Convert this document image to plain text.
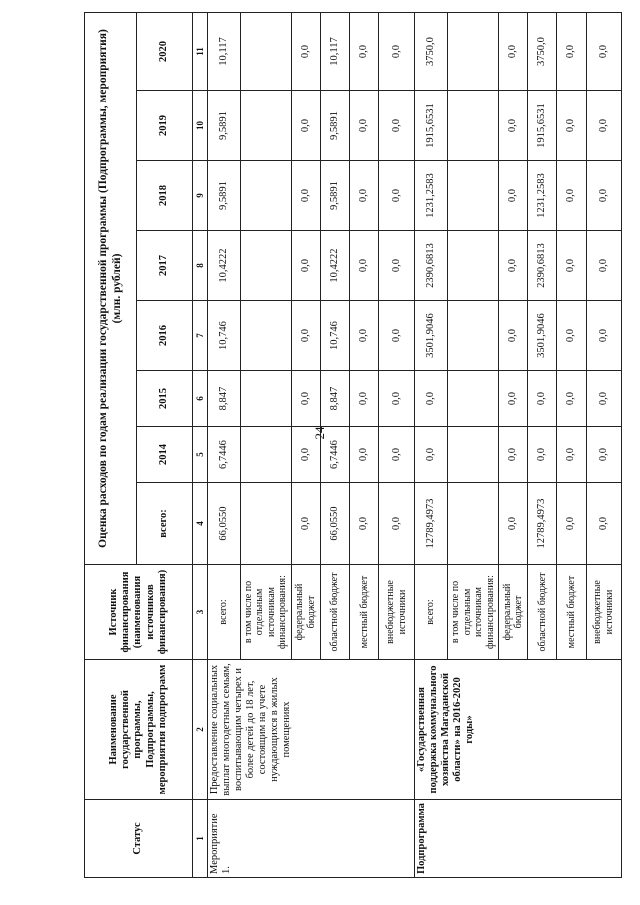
24
Статус	Наименование государственной программы, Подпрограммы, мероприятия подпрограмм	Источник финансирования (наименования источников финансирования)	Оценка расходов по годам реализации государственной программы (Подпрограммы, мероприятия) (млн. рублей)							
			всего:	2014	2015	2016	2017	2018	2019	2020
1	2	3	4	5	6	7	8	9	10	11
Мероприятие 1.	Предоставление социальных выплат многодетным семьям, воспитывающим четырех и более детей до 18 лет, состоящим на учете нуждающихся в жилых помещениях	всего:	66,0550	6,7446	8,847	10,746	10,4222	9,5891	9,5891	10,117
		в том числе по отдельным источникам финансирования:								
		федеральный бюджет	0,0	0,0	0,0	0,0	0,0	0,0	0,0	0,0
		областной бюджет	66,0550	6,7446	8,847	10,746	10,4222	9,5891	9,5891	10,117
		местный бюджет	0,0	0,0	0,0	0,0	0,0	0,0	0,0	0,0
		внебюджетные источники	0,0	0,0	0,0	0,0	0,0	0,0	0,0	0,0
Подпрограмма	«Государственная поддержка коммунального хозяйства Магаданской области» на 2016-2020 годы»	всего:	12789,4973	0,0	0,0	3501,9046	2390,6813	1231,2583	1915,6531	3750,0
		в том числе по отдельным источникам финансирования:								
		федеральный бюджет	0,0	0,0	0,0	0,0	0,0	0,0	0,0	0,0
		областной бюджет	12789,4973	0,0	0,0	3501,9046	2390,6813	1231,2583	1915,6531	3750,0
		местный бюджет	0,0	0,0	0,0	0,0	0,0	0,0	0,0	0,0
		внебюджетные источники	0,0	0,0	0,0	0,0	0,0	0,0	0,0	0,0
